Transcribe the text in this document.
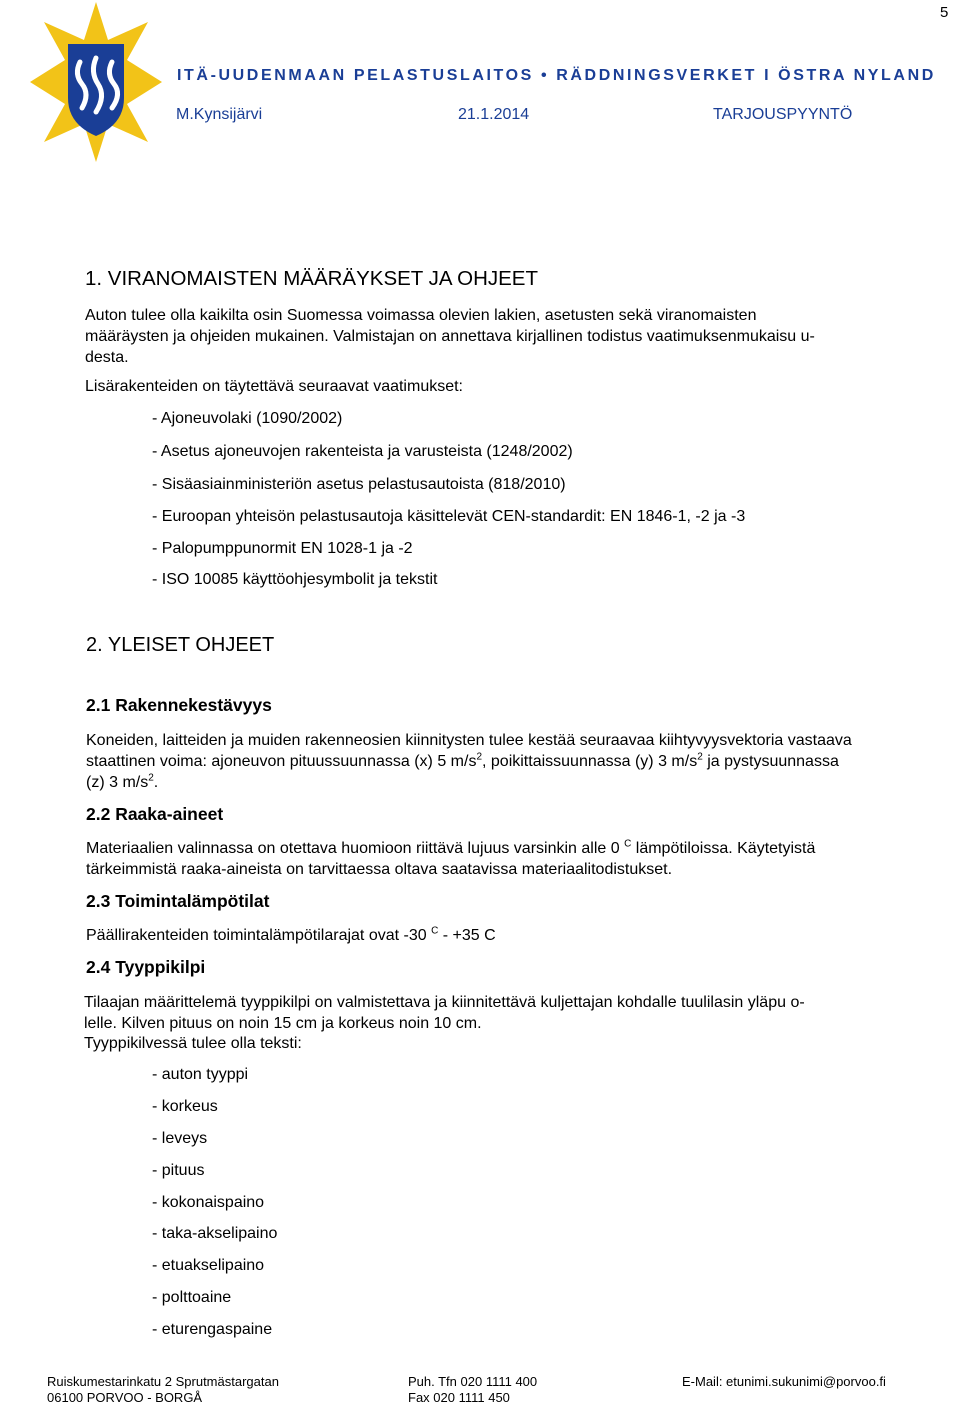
5
ITÄ-UUDENMAAN PELASTUSLAITOS • RÄDDNINGSVERKET I ÖSTRA NYLAND
M.Kynsijärvi	21.1.2014	TARJOUSPYYNTÖ
1. VIRANOMAISTEN MÄÄRÄYKSET JA OHJEET
Auton tulee olla kaikilta osin Suomessa voimassa olevien lakien, asetusten sekä viranomaisten
määräysten ja ohjeiden mukainen. Valmistajan on annettava kirjallinen todistus vaatimuksenmukaisu u-
desta.
Lisärakenteiden on täytettävä seuraavat vaatimukset:
- Ajoneuvolaki (1090/2002)
- Asetus ajoneuvojen rakenteista ja varusteista (1248/2002)
- Sisäasiainministeriön asetus pelastusautoista (818/2010)
- Euroopan yhteisön pelastusautoja käsittelevät CEN-standardit: EN 1846-1, -2 ja -3
- Palopumppunormit EN 1028-1 ja -2
- ISO 10085 käyttöohjesymbolit ja tekstit
2. YLEISET OHJEET
2.1 Rakennekestävyys
Koneiden, laitteiden ja muiden rakenneosien kiinnitysten tulee kestää seuraavaa kiihtyvyysvektoria vastaava
staattinen voima: ajoneuvon pituussuunnassa (x) 5 $m/s^2$, poikittaissuunnassa (y) 3 $m/s^2$ ja pystysuunnassa
(z) 3 $m/s^2$.
2.2 Raaka-aineet
Materiaalien valinnassa on otettava huomioon riittävä lujuus varsinkin alle 0 $^C$ lämpötiloissa. Käytetyistä
tärkeimmistä raaka-aineista on tarvittaessa oltava saatavissa materiaalitodistukset.
2.3 Toimintalämpötilat
Päällirakenteiden toimintalämpötilarajat ovat -30 $^C$ - +35 C
2.4 Tyyppikilpi
Tilaajan määrittelemä tyyppikilpi on valmistettava ja kiinnitettävä kuljettajan kohdalle tuulilasin yläpu o-
lelle. Kilven pituus on noin 15 cm ja korkeus noin 10 cm.
Tyyppikilvessä tulee olla teksti:
- auton tyyppi
- korkeus
- leveys
- pituus
- kokonaispaino
- taka-akselipaino
- etuakselipaino
- polttoaine
- eturengaspaine
Ruiskumestarinkatu 2 Sprutmästargatan
06100 PORVOO - BORGÅ
Puh. Tfn 020 1111 400
Fax 020 1111 450
E-Mail: etunimi.sukunimi@porvoo.fi
